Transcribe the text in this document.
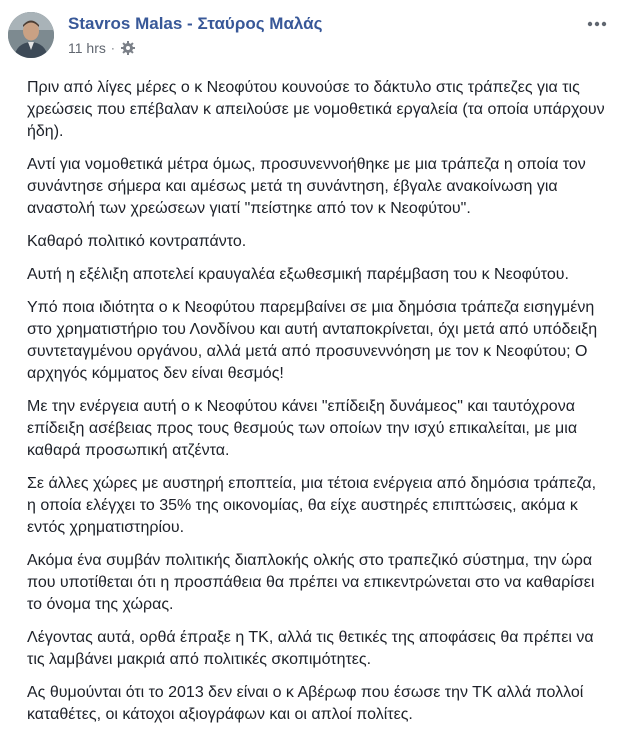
Stavros Malas - Σταύρος Μαλάς
11 hrs ·

Πριν από λίγες μέρες ο κ Νεοφύτου κουνούσε το δάκτυλο στις τράπεζες για τις χρεώσεις που επέβαλαν κ απειλούσε με νομοθετικά εργαλεία (τα οποία υπάρχουν ήδη).

Αντί για νομοθετικά μέτρα όμως, προσυνεννοήθηκε με μια τράπεζα η οποία τον συνάντησε σήμερα και αμέσως μετά τη συνάντηση, έβγαλε ανακοίνωση για αναστολή των χρεώσεων γιατί "πείστηκε από τον κ Νεοφύτου".

Καθαρό πολιτικό κοντραπάντο.

Αυτή η εξέλιξη αποτελεί κραυγαλέα εξωθεσμική παρέμβαση του κ Νεοφύτου.

Υπό ποια ιδιότητα ο κ Νεοφύτου παρεμβαίνει σε μια δημόσια τράπεζα εισηγμένη στο χρηματιστήριο του Λονδίνου και αυτή ανταποκρίνεται, όχι μετά από υπόδειξη συντεταγμένου οργάνου, αλλά μετά από προσυνεννόηση με τον κ Νεοφύτου; Ο αρχηγός κόμματος δεν είναι θεσμός!

Με την ενέργεια αυτή ο κ Νεοφύτου κάνει "επίδειξη δυνάμεος" και ταυτόχρονα επίδειξη ασέβειας προς τους θεσμούς των οποίων την ισχύ επικαλείται, με μια καθαρά προσωπική ατζέντα.

Σε άλλες χώρες με αυστηρή εποπτεία, μια τέτοια ενέργεια από δημόσια τράπεζα, η οποία ελέγχει το 35% της οικονομίας, θα είχε αυστηρές επιπτώσεις, ακόμα κ εντός χρηματιστηρίου.

Ακόμα ένα συμβάν πολιτικής διαπλοκής ολκής στο τραπεζικό σύστημα, την ώρα που υποτίθεται ότι η προσπάθεια θα πρέπει να επικεντρώνεται στο να καθαρίσει το όνομα της χώρας.

Λέγοντας αυτά, ορθά έπραξε η ΤΚ, αλλά τις θετικές της αποφάσεις θα πρέπει να τις λαμβάνει μακριά από πολιτικές σκοπιμότητες.

Ας θυμούνται ότι το 2013 δεν είναι ο κ Αβέρωφ που έσωσε την ΤΚ αλλά πολλοί καταθέτες, οι κάτοχοι αξιογράφων και οι απλοί πολίτες.
